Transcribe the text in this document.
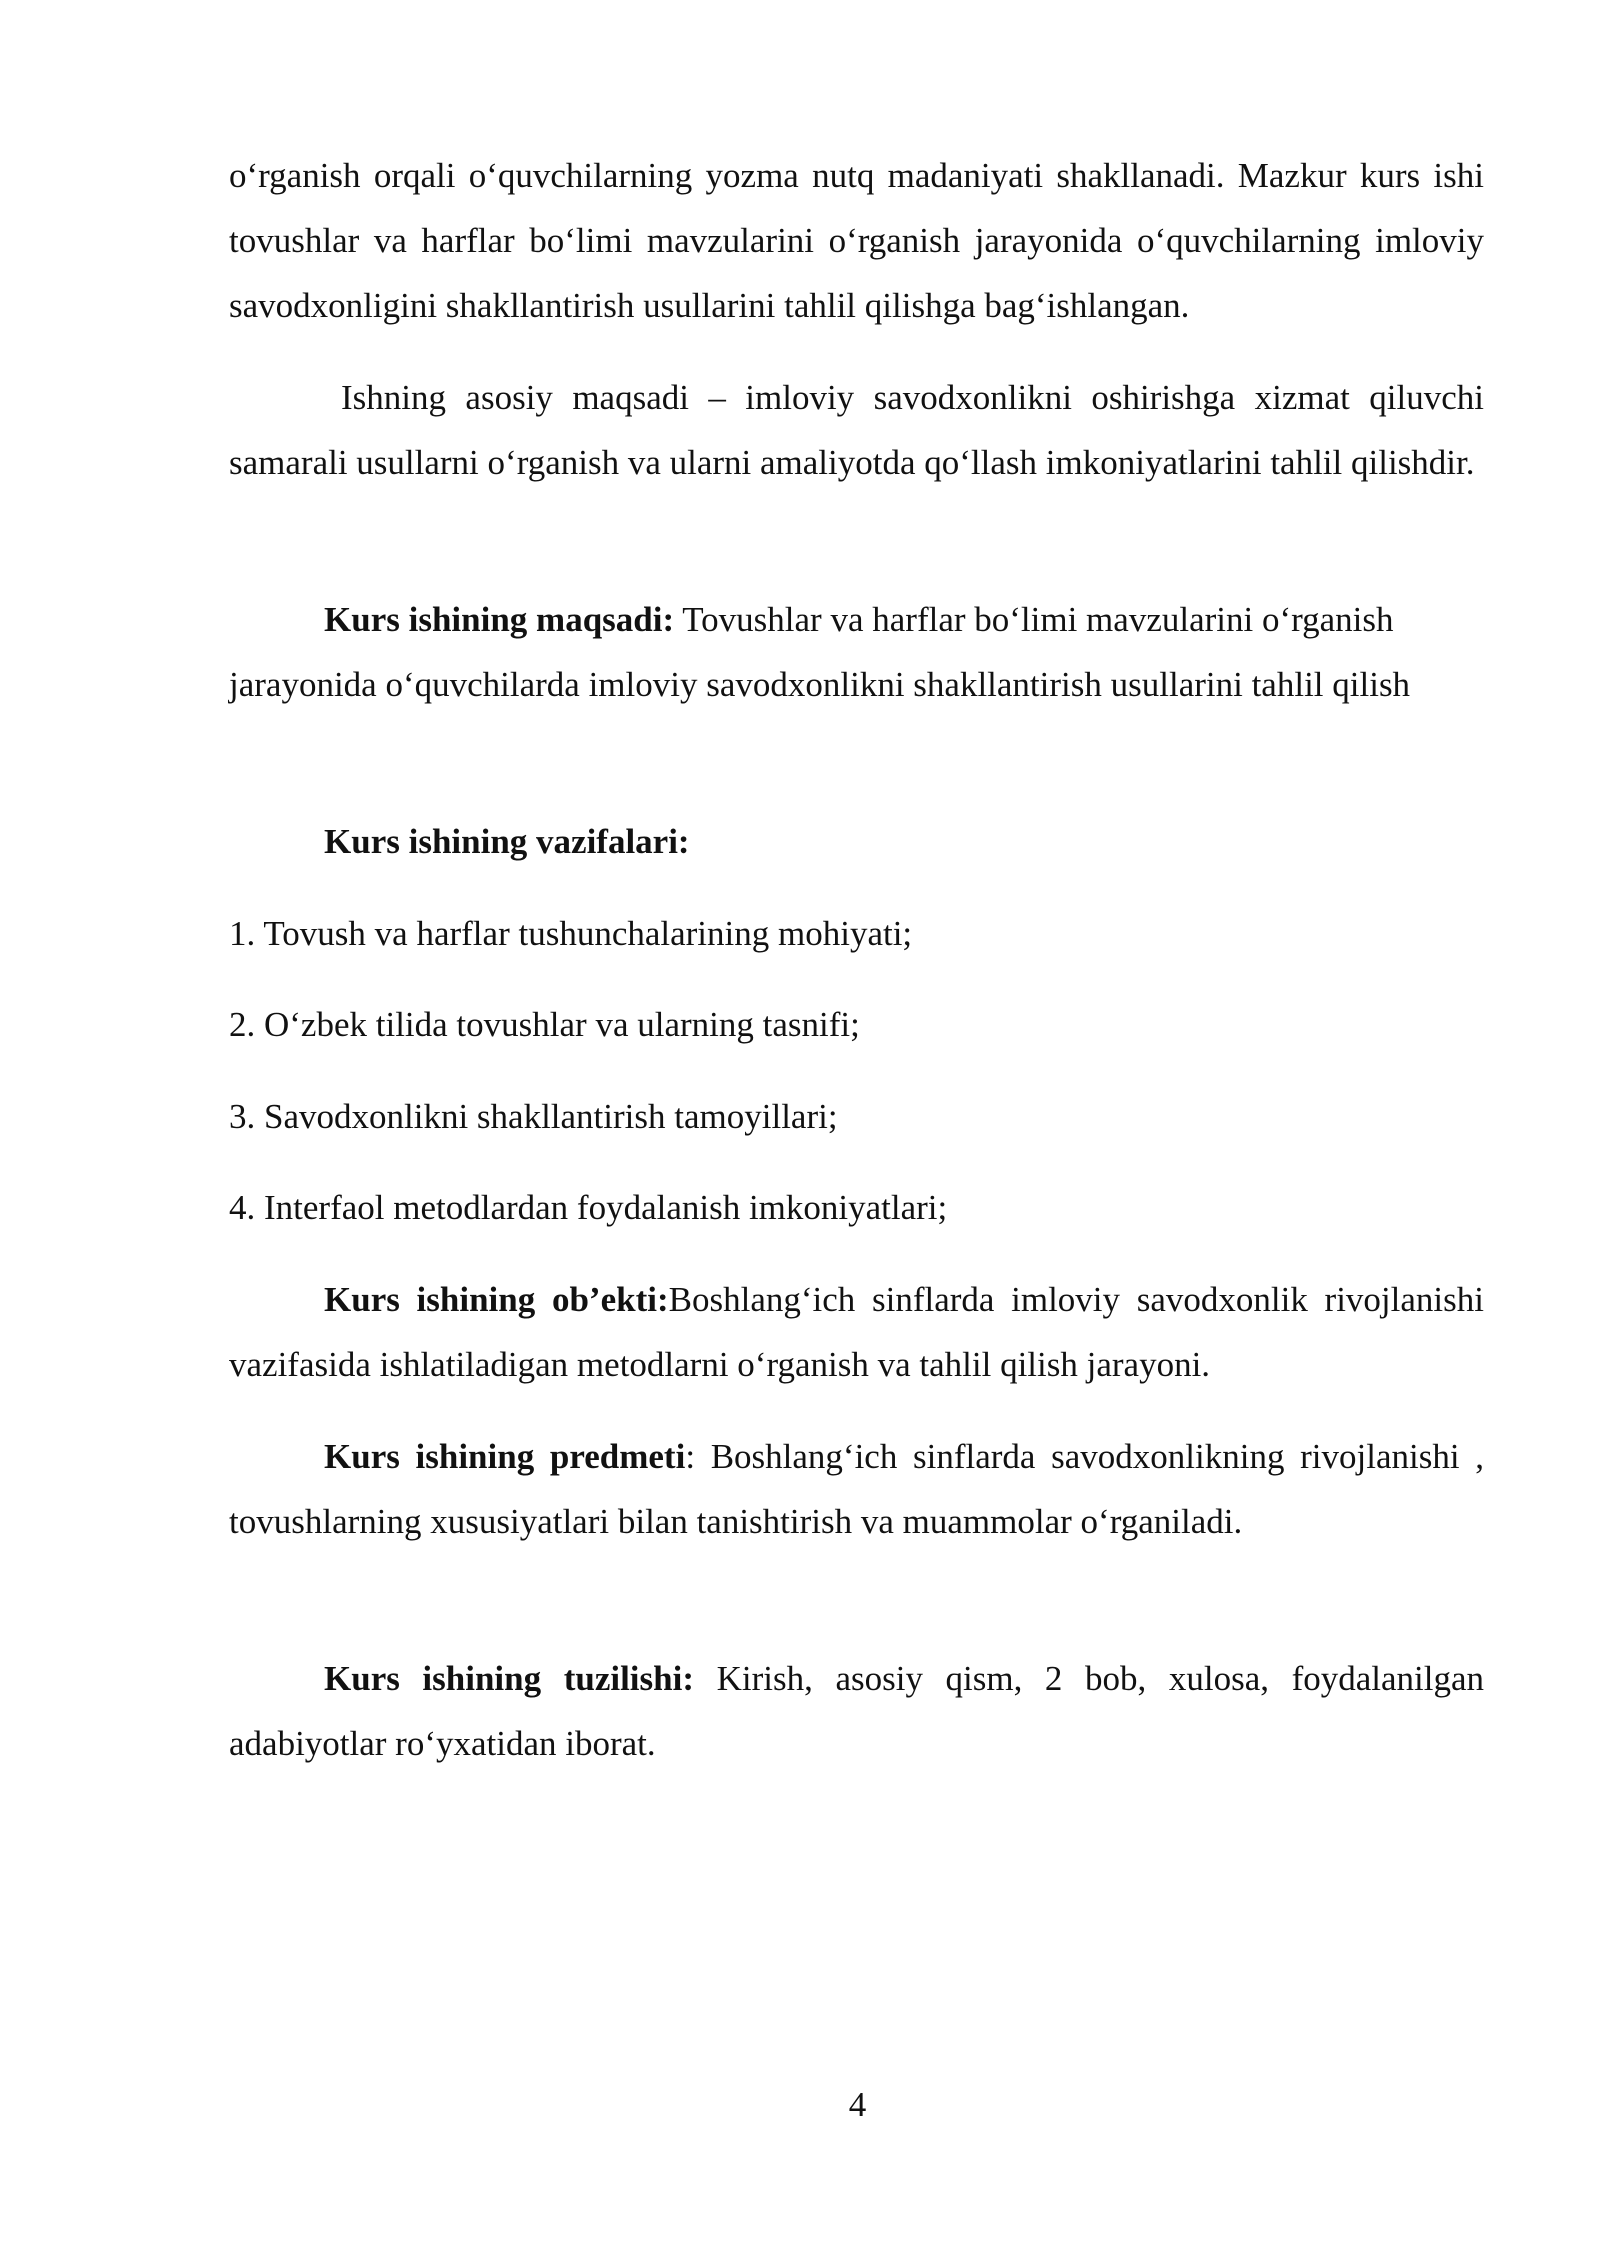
oʻrganish orqali oʻquvchilarning yozma nutq madaniyati shakllanadi. Mazkur kurs ishi tovushlar va harflar boʻlimi mavzularini oʻrganish jarayonida oʻquvchilarning imloviy savodxonligini shakllantirish usullarini tahlil qilishga bagʻishlangan.

Ishning asosiy maqsadi – imloviy savodxonlikni oshirishga xizmat qiluvchi samarali usullarni oʻrganish va ularni amaliyotda qoʻllash imkoniyatlarini tahlil qilishdir.

Kurs ishining maqsadi: Tovushlar va harflar boʻlimi mavzularini oʻrganish jarayonida oʻquvchilarda imloviy savodxonlikni shakllantirish usullarini tahlil qilish

Kurs ishining vazifalari:

1. Tovush va harflar tushunchalarining mohiyati;

2. Oʻzbek tilida tovushlar va ularning tasnifi;

3. Savodxonlikni shakllantirish tamoyillari;

4. Interfaol metodlardan foydalanish imkoniyatlari;

Kurs ishining ob’ekti:Boshlangʻich sinflarda imloviy savodxonlik rivojlanishi vazifasida ishlatiladigan metodlarni oʻrganish va tahlil qilish jarayoni.

Kurs ishining predmeti: Boshlangʻich sinflarda savodxonlikning rivojlanishi , tovushlarning xususiyatlari bilan tanishtirish va muammolar oʻrganiladi.

Kurs ishining tuzilishi: Kirish, asosiy qism, 2 bob, xulosa, foydalanilgan adabiyotlar roʻyxatidan iborat.

4
